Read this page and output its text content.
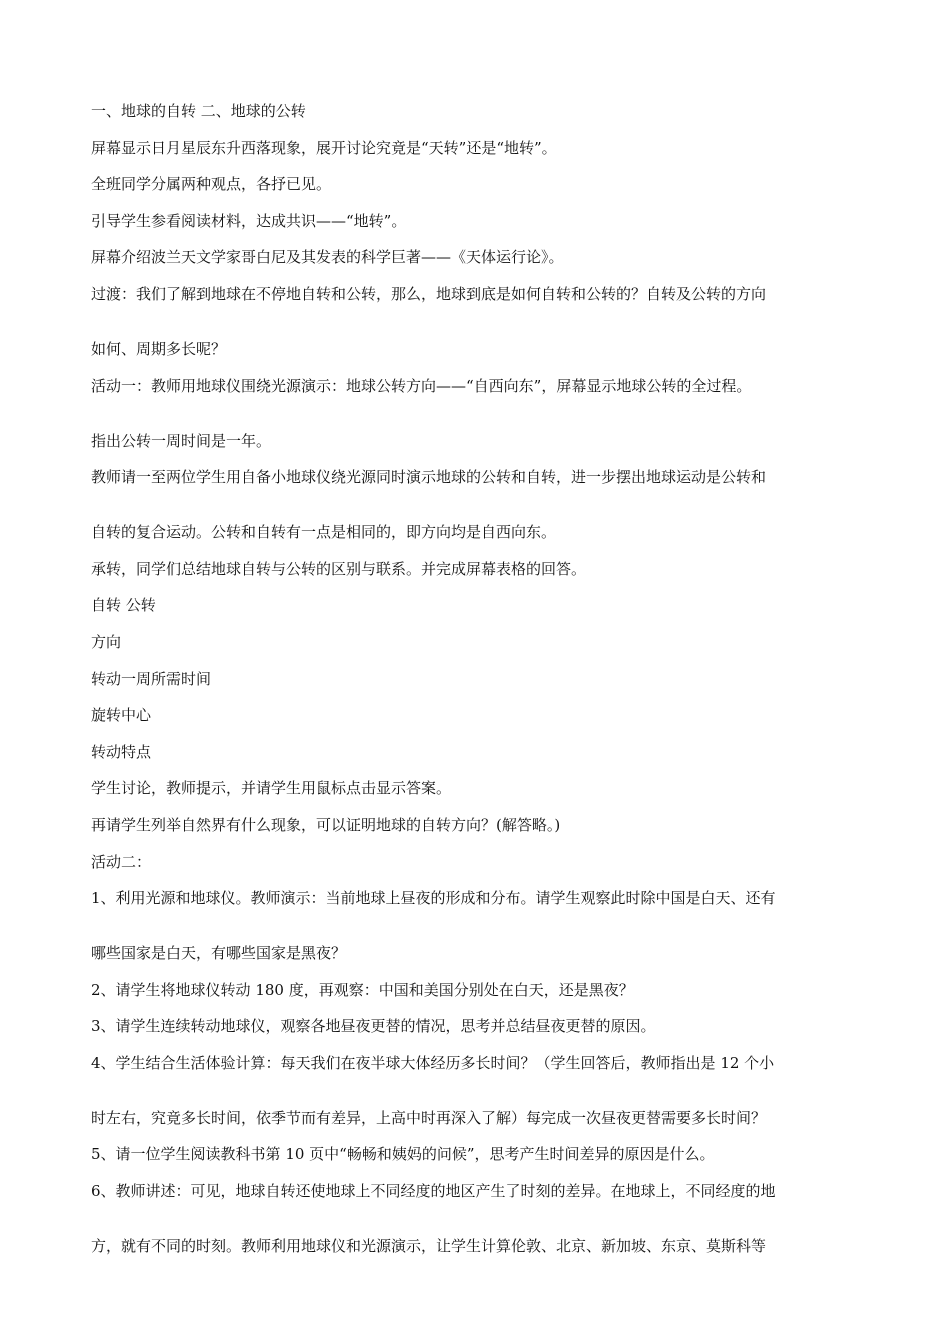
一、地球的自转 二、地球的公转
屏幕显示日月星辰东升西落现象，展开讨论究竟是“天转”还是“地转”。
全班同学分属两种观点，各抒已见。
引导学生参看阅读材料，达成共识——“地转”。
屏幕介绍波兰天文学家哥白尼及其发表的科学巨著——《天体运行论》。
过渡：我们了解到地球在不停地自转和公转，那么，地球到底是如何自转和公转的？自转及公转的方向
如何、周期多长呢？
活动一：教师用地球仪围绕光源演示：地球公转方向——“自西向东”，屏幕显示地球公转的全过程。
指出公转一周时间是一年。
教师请一至两位学生用自备小地球仪绕光源同时演示地球的公转和自转，进一步摆出地球运动是公转和
自转的复合运动。公转和自转有一点是相同的，即方向均是自西向东。
承转，同学们总结地球自转与公转的区别与联系。并完成屏幕表格的回答。
自转 公转
方向
转动一周所需时间
旋转中心
转动特点
学生讨论，教师提示，并请学生用鼠标点击显示答案。
再请学生列举自然界有什么现象，可以证明地球的自转方向？(解答略。)
活动二：
1、利用光源和地球仪。教师演示：当前地球上昼夜的形成和分布。请学生观察此时除中国是白天、还有
哪些国家是白天，有哪些国家是黑夜？
2、请学生将地球仪转动 180 度，再观察：中国和美国分别处在白天，还是黑夜？
3、请学生连续转动地球仪，观察各地昼夜更替的情况，思考并总结昼夜更替的原因。
4、学生结合生活体验计算：每天我们在夜半球大体经历多长时间？（学生回答后，教师指出是 12 个小
时左右，究竟多长时间，依季节而有差异，上高中时再深入了解）每完成一次昼夜更替需要多长时间？
5、请一位学生阅读教科书第 10 页中“畅畅和姨妈的问候”，思考产生时间差异的原因是什么。
6、教师讲述：可见，地球自转还使地球上不同经度的地区产生了时刻的差异。在地球上，不同经度的地
方，就有不同的时刻。教师利用地球仪和光源演示，让学生计算伦敦、北京、新加坡、东京、莫斯科等
